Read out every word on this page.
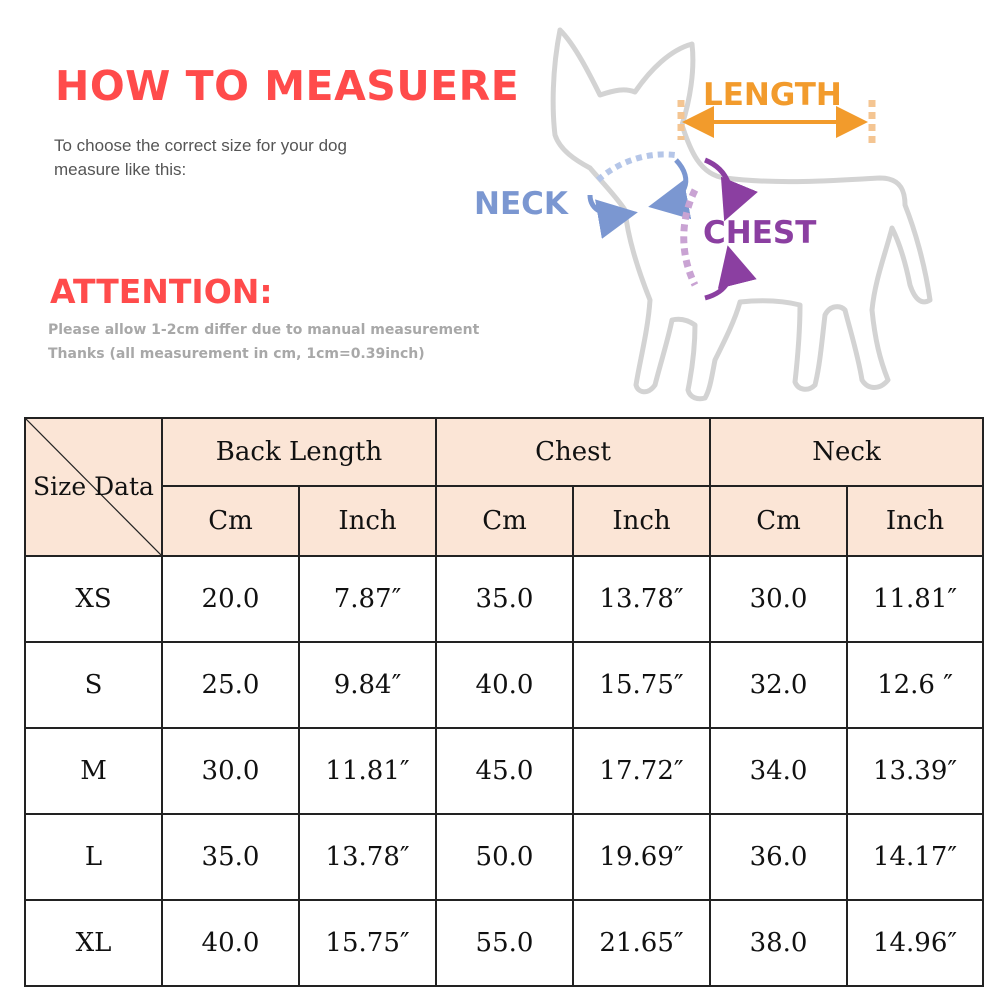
HOW TO MEASUERE
To choose the correct size for your dog
measure like this:
ATTENTION:
Please allow 1-2cm differ due to manual measurement
Thanks (all measurement in cm, 1cm=0.39inch)
LENGTH
NECK
CHEST
Size Data	Back Length		Chest		Neck	
	Cm	Inch	Cm	Inch	Cm	Inch
XS	20.0	7.87″	35.0	13.78″	30.0	11.81″
S	25.0	9.84″	40.0	15.75″	32.0	12.6 ″
M	30.0	11.81″	45.0	17.72″	34.0	13.39″
L	35.0	13.78″	50.0	19.69″	36.0	14.17″
XL	40.0	15.75″	55.0	21.65″	38.0	14.96″
